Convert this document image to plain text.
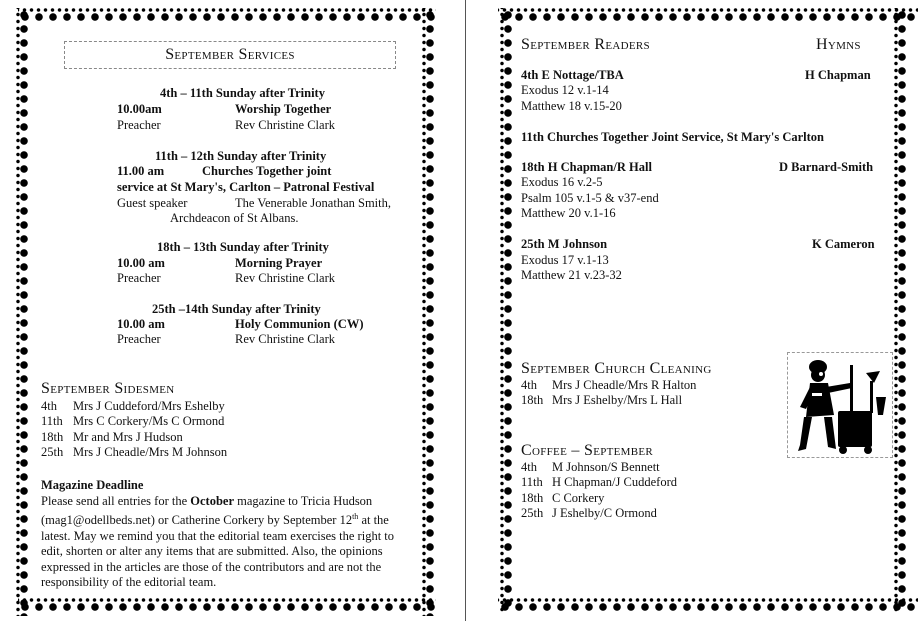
September Services
4th – 11th Sunday after Trinity
10.00am	Worship Together
Preacher	Rev Christine Clark
11th – 12th Sunday after Trinity
11.00 am	Churches Together joint
service at St Mary's, Carlton – Patronal Festival
Guest speaker	The Venerable Jonathan Smith,
Archdeacon of St Albans.
18th – 13th Sunday after Trinity
10.00 am	Morning Prayer
Preacher	Rev Christine Clark
25th –14th Sunday after Trinity
10.00 am	Holy Communion (CW)
Preacher	Rev Christine Clark
September Sidesmen
4th Mrs J Cuddeford/Mrs Eshelby
11th Mrs C Corkery/Ms C Ormond
18th Mr and Mrs J Hudson
25th Mrs J Cheadle/Mrs M Johnson
Magazine Deadline
Please send all entries for the October magazine to Tricia Hudson (mag1@odellbeds.net) or Catherine Corkery by September 12th at the latest. May we remind you that the editorial team exercises the right to edit, shorten or alter any items that are submitted. Also, the opinions expressed in the articles are those of the contributors and are not the responsibility of the editorial team.
September Readers	Hymns
4th E Nottage/TBA	H Chapman
Exodus 12 v.1-14
Matthew 18 v.15-20
11th Churches Together Joint Service, St Mary's Carlton
18th H Chapman/R Hall	D Barnard-Smith
Exodus 16 v.2-5
Psalm 105 v.1-5 & v37-end
Matthew 20 v.1-16
25th M Johnson	K Cameron
Exodus 17 v.1-13
Matthew 21 v.23-32
September Church Cleaning
4th Mrs J Cheadle/Mrs R Halton
18th Mrs J Eshelby/Mrs L Hall
Coffee – September
4th M Johnson/S Bennett
11th H Chapman/J Cuddeford
18th C Corkery
25th J Eshelby/C Ormond
